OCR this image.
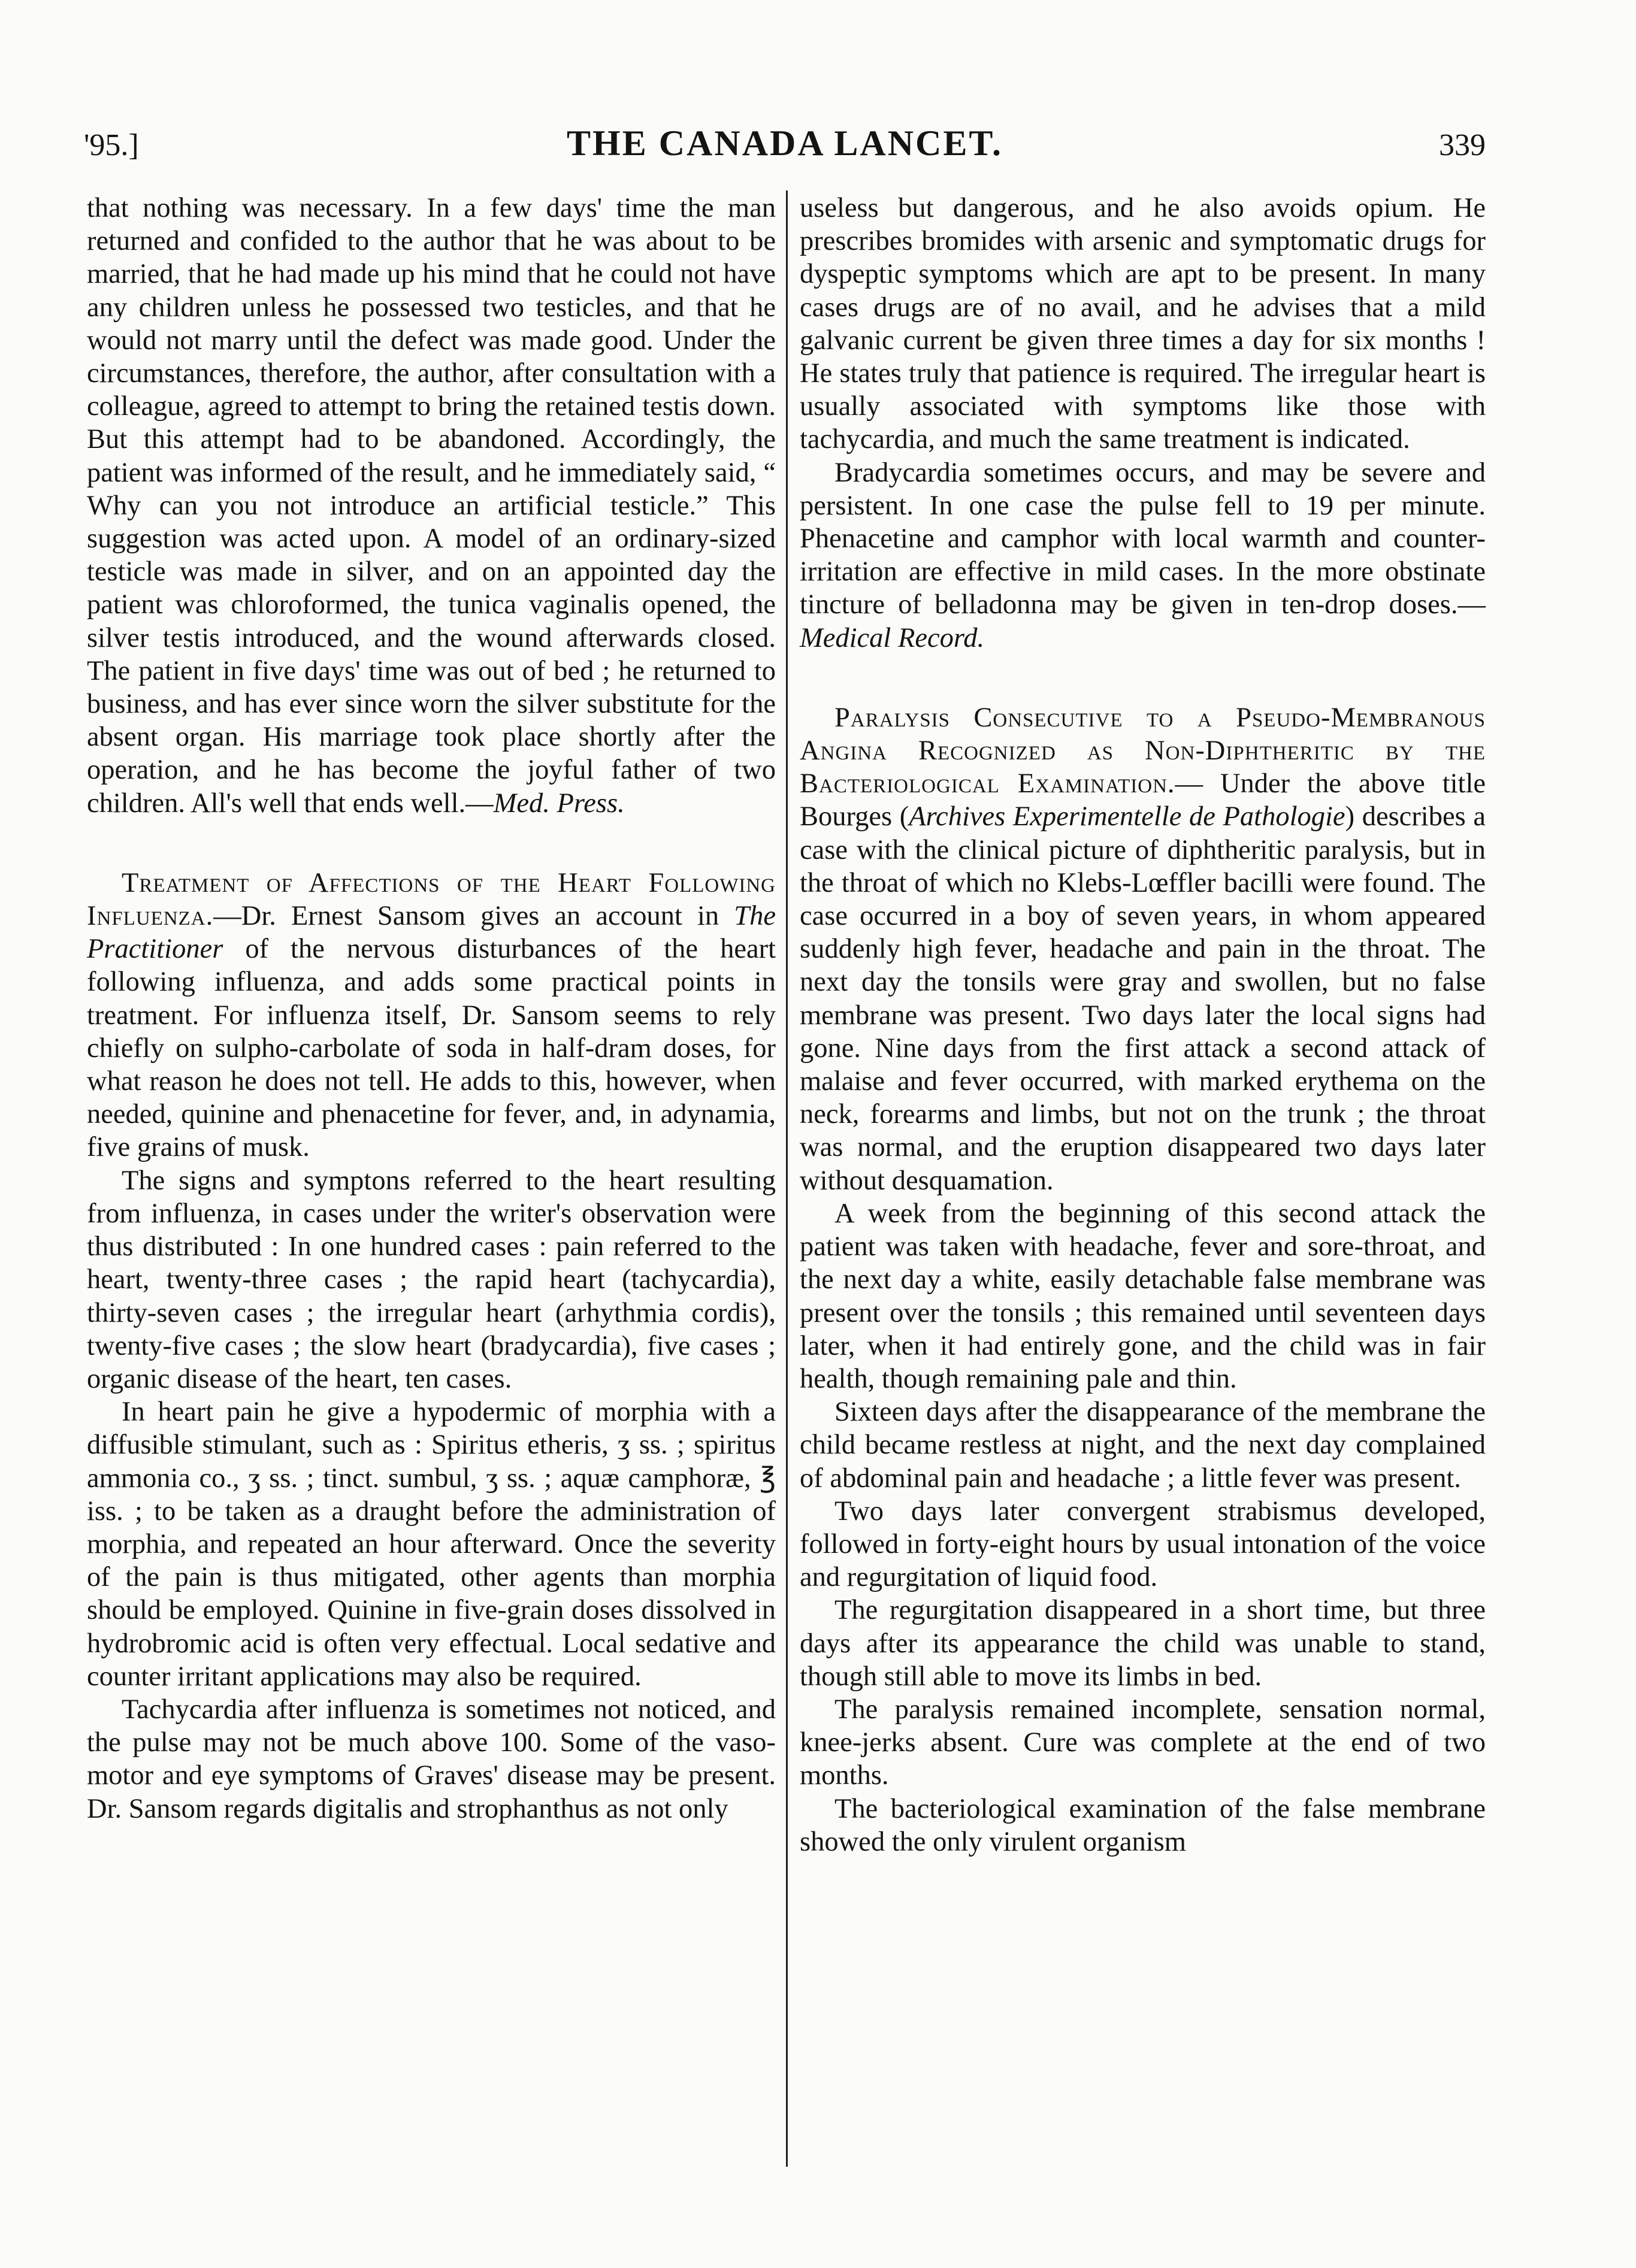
'95.]	THE CANADA LANCET.	339

that nothing was necessary. In a few days' time the man returned and confided to the author that he was about to be married, that he had made up his mind that he could not have any children unless he possessed two testicles, and that he would not marry until the defect was made good. Under the circumstances, therefore, the author, after consultation with a colleague, agreed to attempt to bring the retained testis down. But this attempt had to be abandoned. Accordingly, the patient was informed of the result, and he immediately said, “ Why can you not introduce an artificial testicle.” This suggestion was acted upon. A model of an ordinary-sized testicle was made in silver, and on an appointed day the patient was chloroformed, the tunica vaginalis opened, the silver testis introduced, and the wound afterwards closed. The patient in five days' time was out of bed ; he returned to business, and has ever since worn the silver substitute for the absent organ. His marriage took place shortly after the operation, and he has become the joyful father of two children. All's well that ends well.—Med. Press.

Treatment of Affections of the Heart Following Influenza.—Dr. Ernest Sansom gives an account in The Practitioner of the nervous disturbances of the heart following influenza, and adds some practical points in treatment. For influenza itself, Dr. Sansom seems to rely chiefly on sulpho-carbolate of soda in half-dram doses, for what reason he does not tell. He adds to this, however, when needed, quinine and phenacetine for fever, and, in adynamia, five grains of musk.

The signs and symptons referred to the heart resulting from influenza, in cases under the writer's observation were thus distributed : In one hundred cases : pain referred to the heart, twenty-three cases ; the rapid heart (tachycardia), thirty-seven cases ; the irregular heart (arhythmia cordis), twenty-five cases ; the slow heart (bradycardia), five cases ; organic disease of the heart, ten cases.

In heart pain he give a hypodermic of morphia with a diffusible stimulant, such as : Spiritus etheris, ʒ ss. ; spiritus ammonia co., ʒ ss. ; tinct. sumbul, ʒ ss. ; aquæ camphoræ, ℥ iss. ; to be taken as a draught before the administration of morphia, and repeated an hour afterward. Once the severity of the pain is thus mitigated, other agents than morphia should be employed. Quinine in five-grain doses dissolved in hydrobromic acid is often very effectual. Local sedative and counter irritant applications may also be required.

Tachycardia after influenza is sometimes not noticed, and the pulse may not be much above 100. Some of the vaso-motor and eye symptoms of Graves' disease may be present. Dr. Sansom regards digitalis and strophanthus as not only

useless but dangerous, and he also avoids opium. He prescribes bromides with arsenic and symptomatic drugs for dyspeptic symptoms which are apt to be present. In many cases drugs are of no avail, and he advises that a mild galvanic current be given three times a day for six months ! He states truly that patience is required. The irregular heart is usually associated with symptoms like those with tachycardia, and much the same treatment is indicated.

Bradycardia sometimes occurs, and may be severe and persistent. In one case the pulse fell to 19 per minute. Phenacetine and camphor with local warmth and counter-irritation are effective in mild cases. In the more obstinate tincture of belladonna may be given in ten-drop doses.—Medical Record.

Paralysis Consecutive to a Pseudo-Membranous Angina Recognized as Non-Diphtheritic by the Bacteriological Examination.— Under the above title Bourges (Archives Experimentelle de Pathologie) describes a case with the clinical picture of diphtheritic paralysis, but in the throat of which no Klebs-Lœffler bacilli were found. The case occurred in a boy of seven years, in whom appeared suddenly high fever, headache and pain in the throat. The next day the tonsils were gray and swollen, but no false membrane was present. Two days later the local signs had gone. Nine days from the first attack a second attack of malaise and fever occurred, with marked erythema on the neck, forearms and limbs, but not on the trunk ; the throat was normal, and the eruption disappeared two days later without desquamation.

A week from the beginning of this second attack the patient was taken with headache, fever and sore-throat, and the next day a white, easily detachable false membrane was present over the tonsils ; this remained until seventeen days later, when it had entirely gone, and the child was in fair health, though remaining pale and thin.

Sixteen days after the disappearance of the membrane the child became restless at night, and the next day complained of abdominal pain and headache ; a little fever was present.

Two days later convergent strabismus developed, followed in forty-eight hours by usual intonation of the voice and regurgitation of liquid food.

The regurgitation disappeared in a short time, but three days after its appearance the child was unable to stand, though still able to move its limbs in bed.

The paralysis remained incomplete, sensation normal, knee-jerks absent. Cure was complete at the end of two months.

The bacteriological examination of the false membrane showed the only virulent organism
